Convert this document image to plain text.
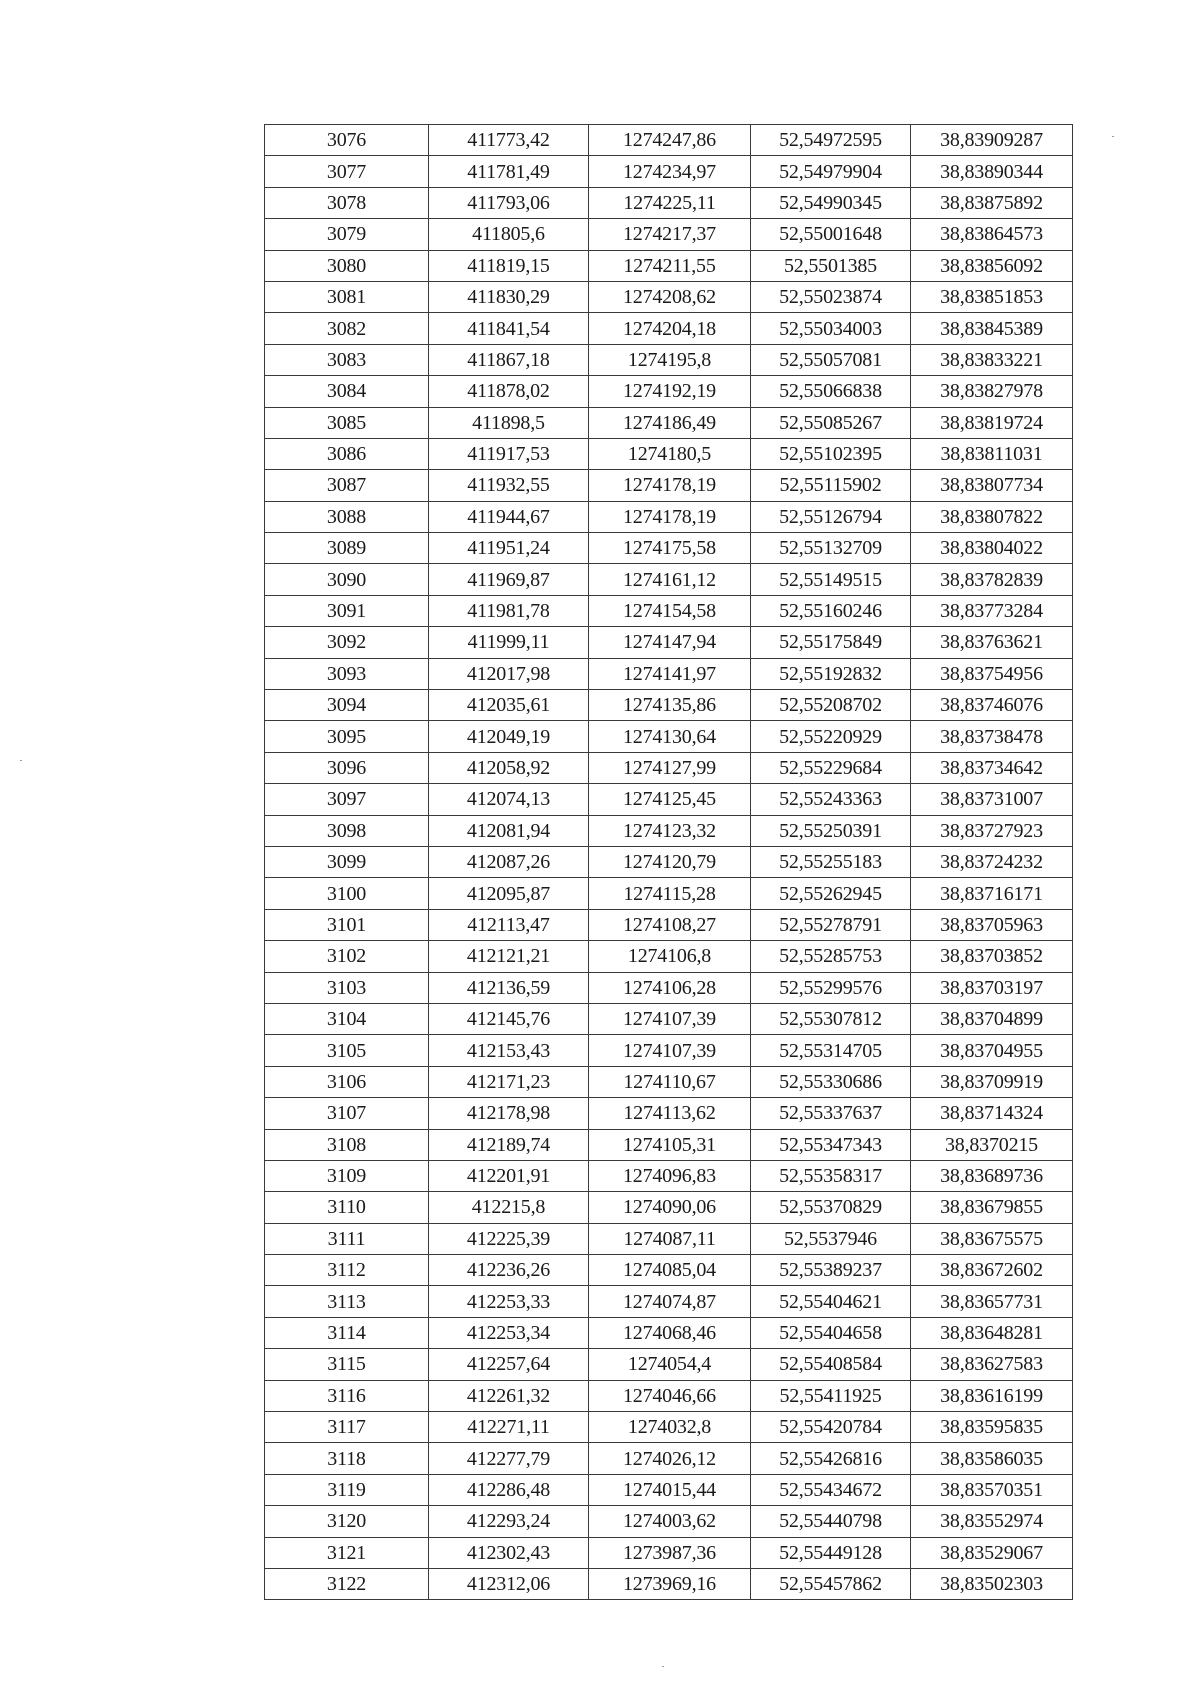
3076	411773,42	1274247,86	52,54972595	38,83909287
3077	411781,49	1274234,97	52,54979904	38,83890344
3078	411793,06	1274225,11	52,54990345	38,83875892
3079	411805,6	1274217,37	52,55001648	38,83864573
3080	411819,15	1274211,55	52,5501385	38,83856092
3081	411830,29	1274208,62	52,55023874	38,83851853
3082	411841,54	1274204,18	52,55034003	38,83845389
3083	411867,18	1274195,8	52,55057081	38,83833221
3084	411878,02	1274192,19	52,55066838	38,83827978
3085	411898,5	1274186,49	52,55085267	38,83819724
3086	411917,53	1274180,5	52,55102395	38,83811031
3087	411932,55	1274178,19	52,55115902	38,83807734
3088	411944,67	1274178,19	52,55126794	38,83807822
3089	411951,24	1274175,58	52,55132709	38,83804022
3090	411969,87	1274161,12	52,55149515	38,83782839
3091	411981,78	1274154,58	52,55160246	38,83773284
3092	411999,11	1274147,94	52,55175849	38,83763621
3093	412017,98	1274141,97	52,55192832	38,83754956
3094	412035,61	1274135,86	52,55208702	38,83746076
3095	412049,19	1274130,64	52,55220929	38,83738478
3096	412058,92	1274127,99	52,55229684	38,83734642
3097	412074,13	1274125,45	52,55243363	38,83731007
3098	412081,94	1274123,32	52,55250391	38,83727923
3099	412087,26	1274120,79	52,55255183	38,83724232
3100	412095,87	1274115,28	52,55262945	38,83716171
3101	412113,47	1274108,27	52,55278791	38,83705963
3102	412121,21	1274106,8	52,55285753	38,83703852
3103	412136,59	1274106,28	52,55299576	38,83703197
3104	412145,76	1274107,39	52,55307812	38,83704899
3105	412153,43	1274107,39	52,55314705	38,83704955
3106	412171,23	1274110,67	52,55330686	38,83709919
3107	412178,98	1274113,62	52,55337637	38,83714324
3108	412189,74	1274105,31	52,55347343	38,8370215
3109	412201,91	1274096,83	52,55358317	38,83689736
3110	412215,8	1274090,06	52,55370829	38,83679855
3111	412225,39	1274087,11	52,5537946	38,83675575
3112	412236,26	1274085,04	52,55389237	38,83672602
3113	412253,33	1274074,87	52,55404621	38,83657731
3114	412253,34	1274068,46	52,55404658	38,83648281
3115	412257,64	1274054,4	52,55408584	38,83627583
3116	412261,32	1274046,66	52,55411925	38,83616199
3117	412271,11	1274032,8	52,55420784	38,83595835
3118	412277,79	1274026,12	52,55426816	38,83586035
3119	412286,48	1274015,44	52,55434672	38,83570351
3120	412293,24	1274003,62	52,55440798	38,83552974
3121	412302,43	1273987,36	52,55449128	38,83529067
3122	412312,06	1273969,16	52,55457862	38,83502303
